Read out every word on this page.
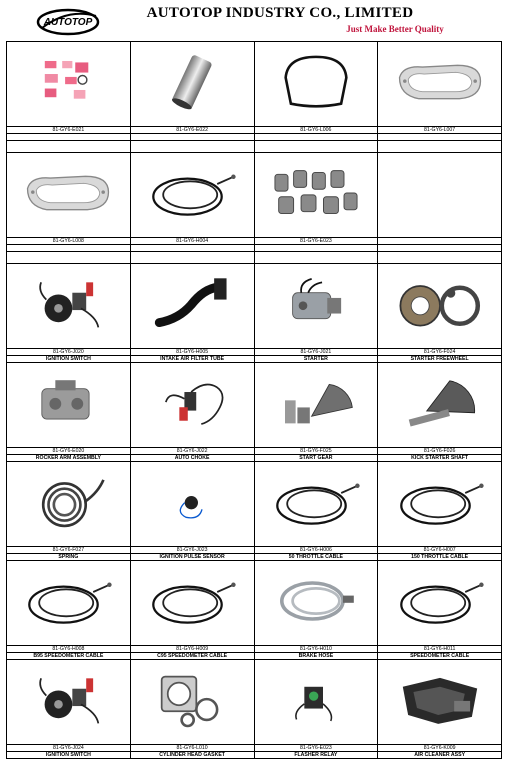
AUTOTOP
AUTOTOP INDUSTRY CO., LIMITED
Just Make Better Quality

81-GY6-E021	81-GY6-E022	81-GY6-L006	81-GY6-L007

81-GY6-L008	81-GY6-H004	81-GY6-E023	

81-GY6-J020	81-GY6-H005	81-GY6-J021	81-GY6-F024
IGNITION SWITCH	INTAKE AIR FILTER TUBE	STARTER	STARTER FREEWHEEL

81-GY6-E020	81-GY6-J022	81-GY6-F025	81-GY6-F026
ROCKER ARM ASSEMBLY	AUTO CHOKE	START GEAR	KICK STARTER SHAFT

81-GY6-F027	81-GY6-J023	81-GY6-H006	81-GY6-H007
SPRING	IGNITION PULSE SENSOR	50 THROTTLE CABLE	150 THROTTLE CABLE

81-GY6-H008	81-GY6-H009	81-GY6-H010	81-GY6-H011
B95 SPEEDOMETER CABLE	C95 SPEEDOMETER CABLE	BRAKE HOSE	SPEEDOMETER CABLE

81-GY6-J024	81-GY6-L010	81-GY6-E023	81-GY6-K009
IGNITION SWITCH	CYLINDER HEAD GASKET	FLASHER RELAY	AIR CLEANER ASSY
